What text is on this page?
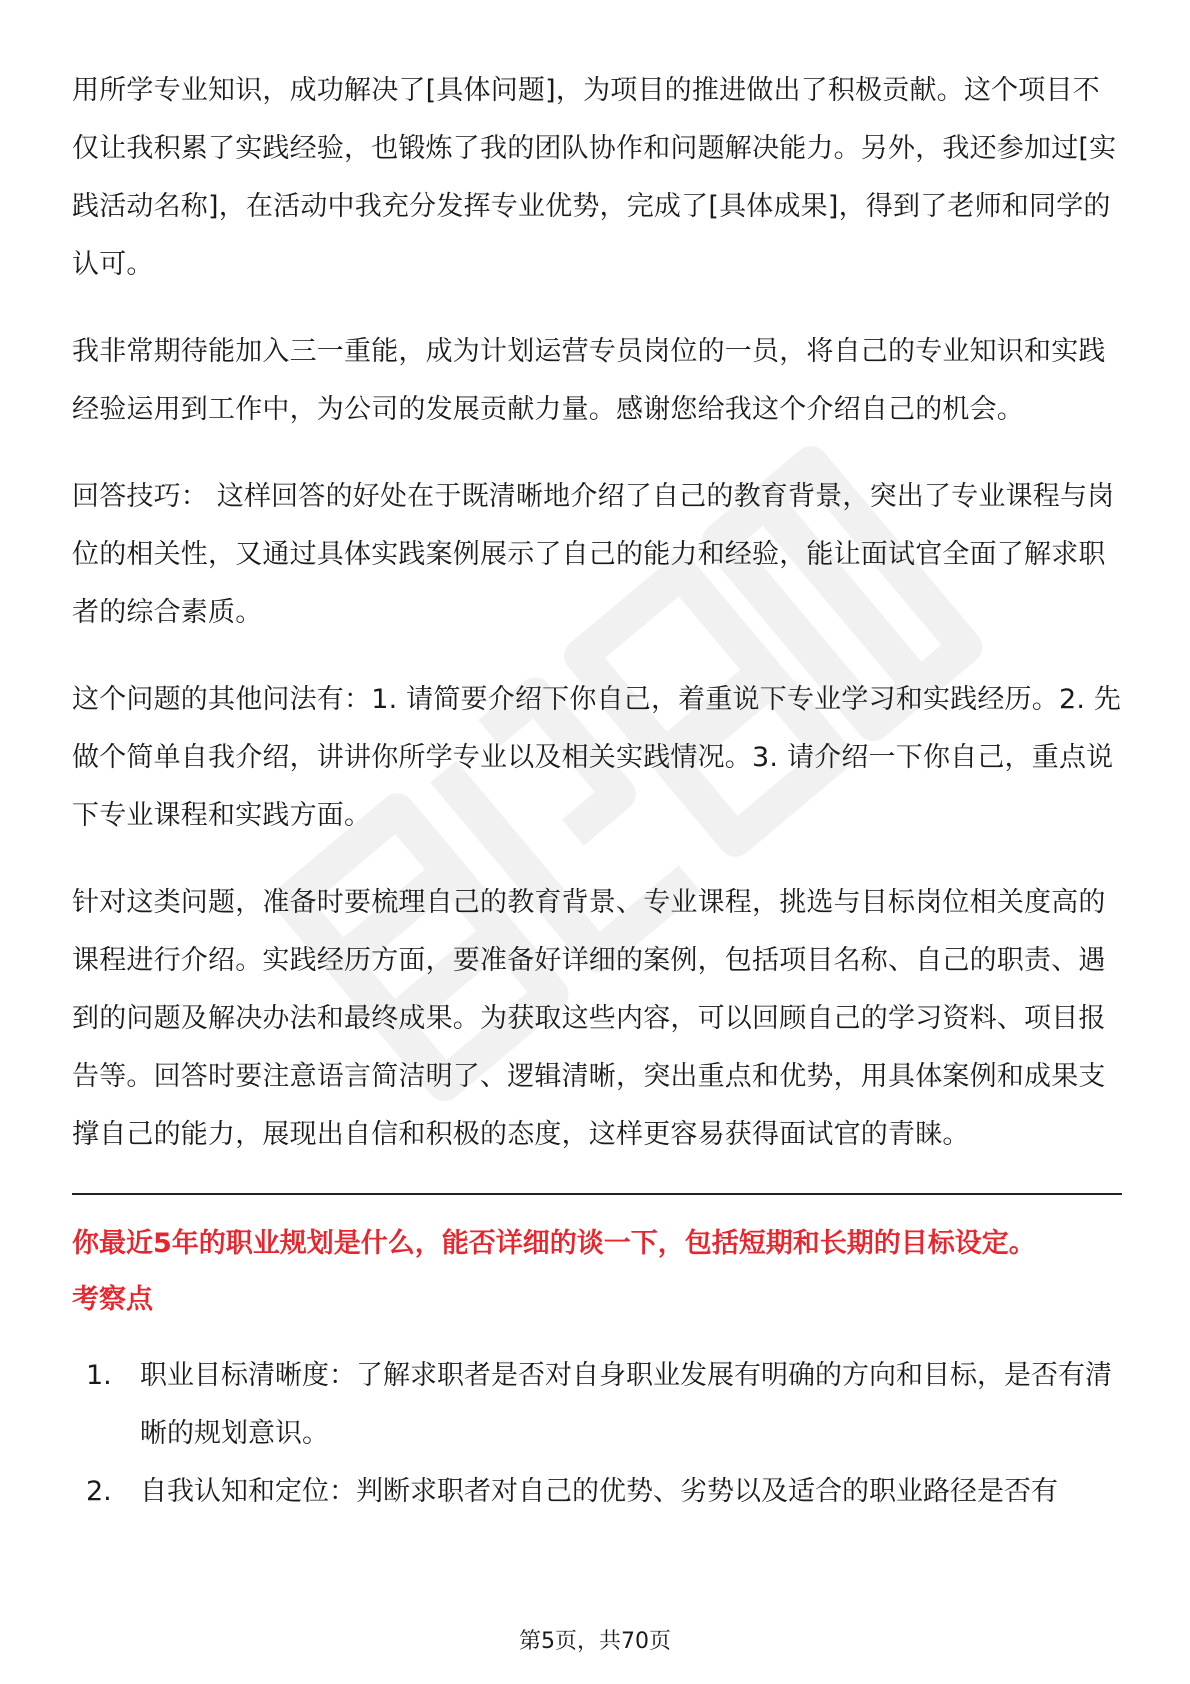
用所学专业知识，成功解决了[具体问题]，为项目的推进做出了积极贡献。这个项目不仅让我积累了实践经验，也锻炼了我的团队协作和问题解决能力。另外，我还参加过[实践活动名称]，在活动中我充分发挥专业优势，完成了[具体成果]，得到了老师和同学的认可。

我非常期待能加入三一重能，成为计划运营专员岗位的一员，将自己的专业知识和实践经验运用到工作中，为公司的发展贡献力量。感谢您给我这个介绍自己的机会。

回答技巧： 这样回答的好处在于既清晰地介绍了自己的教育背景，突出了专业课程与岗位的相关性，又通过具体实践案例展示了自己的能力和经验，能让面试官全面了解求职者的综合素质。

这个问题的其他问法有：1. 请简要介绍下你自己，着重说下专业学习和实践经历。2. 先做个简单自我介绍，讲讲你所学专业以及相关实践情况。3. 请介绍一下你自己，重点说下专业课程和实践方面。

针对这类问题，准备时要梳理自己的教育背景、专业课程，挑选与目标岗位相关度高的课程进行介绍。实践经历方面，要准备好详细的案例，包括项目名称、自己的职责、遇到的问题及解决办法和最终成果。为获取这些内容，可以回顾自己的学习资料、项目报告等。回答时要注意语言简洁明了、逻辑清晰，突出重点和优势，用具体案例和成果支撑自己的能力，展现出自信和积极的态度，这样更容易获得面试官的青睐。

你最近5年的职业规划是什么，能否详细的谈一下，包括短期和长期的目标设定。

考察点

1. 职业目标清晰度：了解求职者是否对自身职业发展有明确的方向和目标，是否有清晰的规划意识。
2. 自我认知和定位：判断求职者对自己的优势、劣势以及适合的职业路径是否有
第5页，共70页
